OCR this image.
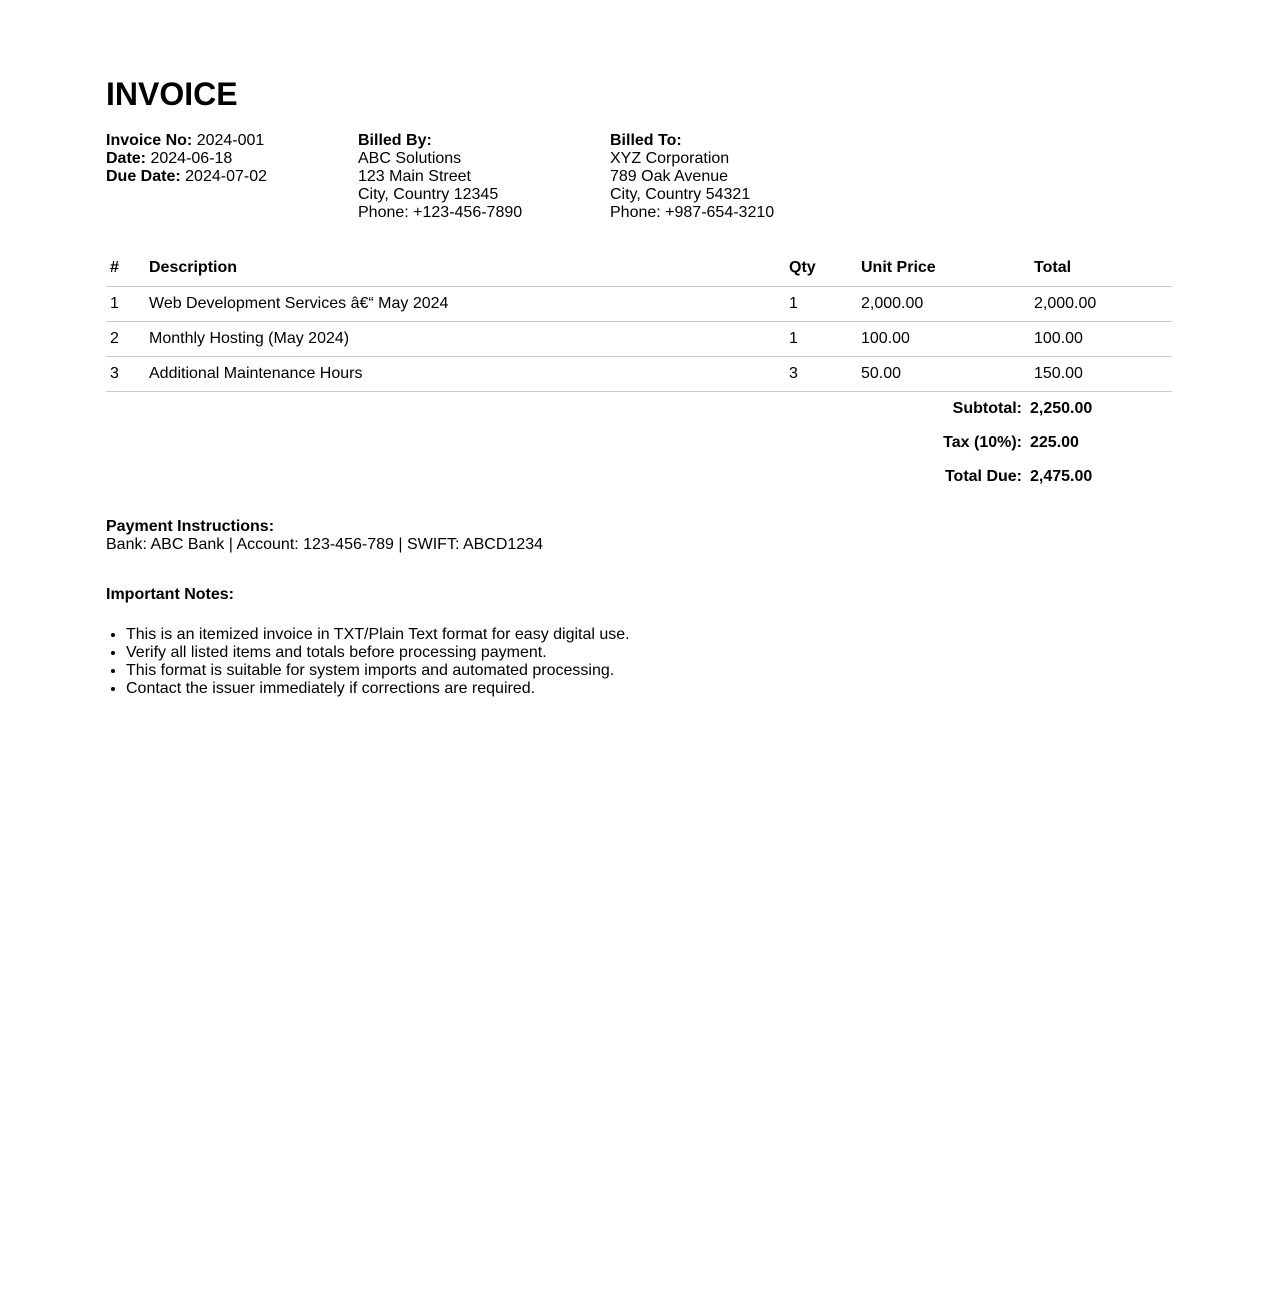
INVOICE
Invoice No: 2024-001
Date: 2024-06-18
Due Date: 2024-07-02
Billed By:
ABC Solutions
123 Main Street
City, Country 12345
Phone: +123-456-7890
Billed To:
XYZ Corporation
789 Oak Avenue
City, Country 54321
Phone: +987-654-3210
#	Description	Qty	Unit Price	Total
1	Web Development Services â€“ May 2024	1	2,000.00	2,000.00
2	Monthly Hosting (May 2024)	1	100.00	100.00
3	Additional Maintenance Hours	3	50.00	150.00
Subtotal: 2,250.00
Tax (10%): 225.00
Total Due: 2,475.00
Payment Instructions:
Bank: ABC Bank | Account: 123-456-789 | SWIFT: ABCD1234
Important Notes:
• This is an itemized invoice in TXT/Plain Text format for easy digital use.
• Verify all listed items and totals before processing payment.
• This format is suitable for system imports and automated processing.
• Contact the issuer immediately if corrections are required.
